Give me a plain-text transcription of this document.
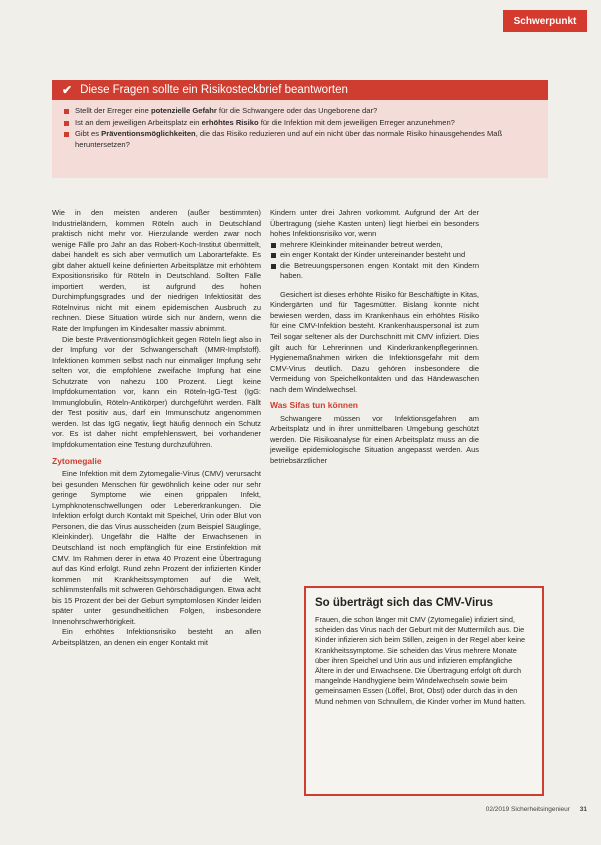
Schwerpunkt
✔ Diese Fragen sollte ein Risikosteckbrief beantworten
Stellt der Erreger eine potenzielle Gefahr für die Schwangere oder das Ungeborene dar?
Ist an dem jeweiligen Arbeitsplatz ein erhöhtes Risiko für die Infektion mit dem jeweiligen Erreger anzunehmen?
Gibt es Präventionsmöglichkeiten, die das Risiko reduzieren und auf ein nicht über das normale Risiko hinausgehendes Maß heruntersetzen?

Wie in den meisten anderen (außer bestimmten) Industrieländern, kommen Röteln auch in Deutschland praktisch nicht mehr vor. Hierzulande werden zwar noch wenige Fälle pro Jahr an das Robert-Koch-Institut übermittelt, dabei handelt es sich aber vermutlich um Laborartefakte. Es gibt daher aktuell keine definierten Arbeitsplätze mit erhöhtem Expositionsrisiko für Röteln in Deutschland. Sollten Fälle importiert werden, ist aufgrund des hohen Durchimpfungsgrades und der niedrigen Infektiosität des Rötelnvirus nicht mit einem epidemischen Ausbruch zu rechnen. Diese Situation würde sich nur ändern, wenn die Rate der Impfungen im Kindesalter massiv abnimmt.

Die beste Präventionsmöglichkeit gegen Röteln liegt also in der Impfung vor der Schwangerschaft (MMR-Impfstoff). Infektionen kommen selbst nach nur einmaliger Impfung sehr selten vor, die empfohlene zweifache Impfung hat eine Schutzrate von nahezu 100 Prozent. Liegt keine Impfdokumentation vor, kann ein Röteln-IgG-Test (IgG: Immunglobulin, Röteln-Antikörper) durchgeführt werden. Fällt der Test positiv aus, darf ein Immunschutz angenommen werden. Ist das IgG negativ, liegt häufig dennoch ein Schutz vor. Es ist daher nicht empfehlenswert, bei vorhandener Impfdokumentation eine Testung durchzuführen.

Zytomegalie

Eine Infektion mit dem Zytomegalie-Virus (CMV) verursacht bei gesunden Menschen für gewöhnlich keine oder nur sehr geringe Symptome wie einen grippalen Infekt, Lymphknotenschwellungen oder Lebererkrankungen. Die Infektion erfolgt durch Kontakt mit Speichel, Urin oder Blut von Personen, die das Virus ausscheiden (zum Beispiel Säuglinge, Kleinkinder). Ungefähr die Hälfte der Erwachsenen in Deutschland ist noch empfänglich für eine Erstinfektion mit CMV. Im Rahmen derer in etwa 40 Prozent eine Übertragung auf das Kind erfolgt. Rund zehn Prozent der infizierten Kinder kommen mit Krankheitssymptomen auf die Welt, schlimmstenfalls mit schweren Gehörschädigungen. Etwa acht bis 15 Prozent der bei der Geburt symptomlosen Kinder leiden später unter gesundheitlichen Folgen, insbesondere Innenohrschwerhörigkeit.

Ein erhöhtes Infektionsrisiko besteht an allen Arbeitsplätzen, an denen ein enger Kontakt mit

Kindern unter drei Jahren vorkommt. Aufgrund der Art der Übertragung (siehe Kasten unten) liegt hierbei ein besonders hohes Infektionsrisiko vor, wenn

mehrere Kleinkinder miteinander betreut werden,
ein enger Kontakt der Kinder untereinander besteht und
die Betreuungspersonen engen Kontakt mit den Kindern haben.

Gesichert ist dieses erhöhte Risiko für Beschäftigte in Kitas, Kindergärten und für Tagesmütter. Bislang konnte nicht bewiesen werden, dass im Krankenhaus ein erhöhtes Risiko für eine CMV-Infektion besteht. Krankenhauspersonal ist zum Teil sogar seltener als der Durchschnitt mit CMV infiziert. Dies gilt auch für Lehrerinnen und Kinderkrankenpflegerinnen. Hygienemaßnahmen wirken die Infektionsgefahr mit dem CMV-Virus deutlich. Dazu gehören insbesondere die Vermeidung von Speichelkontakten und das Händewaschen nach dem Windelwechsel.

Was Sifas tun können

Schwangere müssen vor Infektionsgefahren am Arbeitsplatz und in ihrer unmittelbaren Umgebung geschützt werden. Die Risikoanalyse für einen Arbeitsplatz muss an die jeweilige epidemiologische Situation angepasst werden. Aus betriebsärztlicher

So überträgt sich das CMV-Virus

Frauen, die schon länger mit CMV (Zytomegalie) infiziert sind, scheiden das Virus nach der Geburt mit der Muttermilch aus. Die Kinder infizieren sich beim Stillen, zeigen in der Regel aber keine Krankheitssymptome. Sie scheiden das Virus mehrere Monate über ihren Speichel und Urin aus und infizieren empfängliche Ältere in der und Erwachsene. Die Übertragung erfolgt oft durch mangelnde Handhygiene beim Windelwechseln sowie beim gemeinsamen Essen (Löffel, Brot, Obst) oder durch das in den Mund nehmen von Schnullern, die Kinder vorher im Mund hatten.

02/2019 Sicherheitsingenieur 31
